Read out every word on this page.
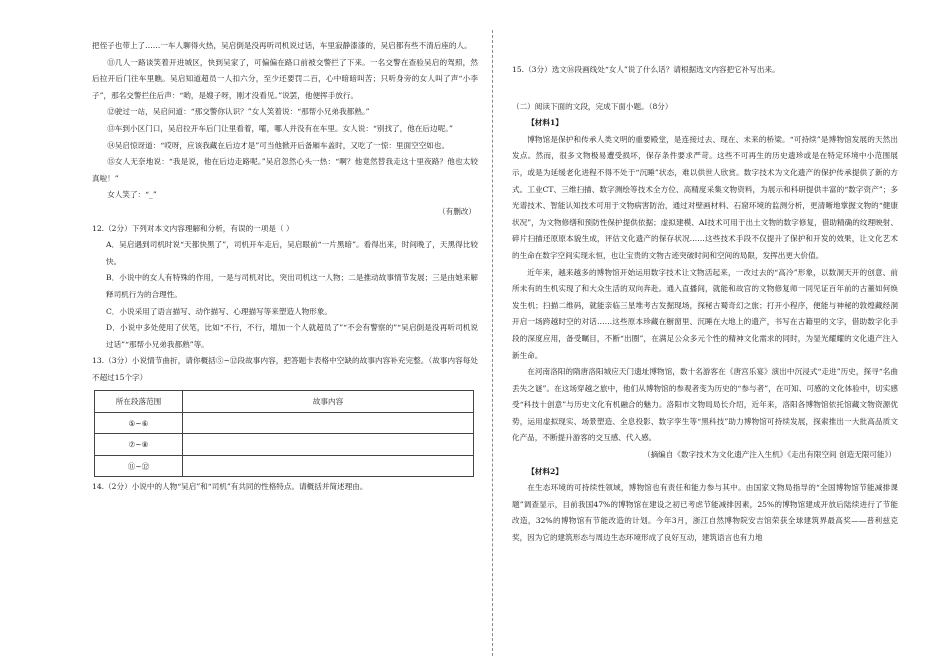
把侄子也带上了……一车人聊得火热，吴启倒是没再听司机说过话，车里寂静漆漆的，吴启都有些不清后座的人。
⑪几人一路谈笑着开进城区，快到吴家了，可偏偏在路口前被交警拦了下来。一名交警在查验吴启的驾照，然后拉开后门往车里瞧。吴启知道超员一人扣六分，至少还要罚二百，心中暗暗叫苦；只听身旁的女人叫了声“小李子”，那名交警拦住后声：“哟，是嫂子呀，刚才没看见。”说罢，他便挥手放行。
⑫驶过一站，吴启问道：“那交警你认识？”女人笑着说：“那帮小兄弟我都熟。”
⑬车到小区门口，吴启拉开车后门让里看着，嚯，哪人并没有在车里。女人说：“别找了，他在后边呢。”
⑭吴启惊讶道：“哎呀，应该我藏在后边才是”可当他掀开后备厢车盖时，又吃了一惊：里面空空如也。
⑮女人无奈地说：“我是说，他在后边走路呢。”吴启忽然心头一热：“啊？他竟然替我走这十里夜路？他也太较真啦！”
女人笑了：“_”
（有删改）
12.（2分）下列对本文内容理解和分析，有误的一项是（ ）
A．吴启遇到司机时说“天都快黑了”，司机开车走后，吴启眼前“一片黑暗”。看得出来，时间晚了，天黑得比较快。
B．小说中的女人有特殊的作用，一是与司机对比，突出司机这一人物；二是推动故事情节发展；三是由她来解释司机行为的合理性。
C．小说采用了语言描写、动作描写、心理描写等来塑造人物形象。
D．小说中多处使用了伏笔，比如“不行，不行，增加一个人就超员了”“不会有警察的”“吴启倒是没再听司机说过话”“那帮小兄弟我都熟”等。
13.（3分）小说情节曲折，请你概括⑤~⑫段故事内容，把答题卡表格中空缺的故事内容补充完整。（故事内容每处不超过15个字）
所在段落范围	故事内容
⑤~⑥	
⑦~⑧	
⑪~⑫	
14.（2分）小说中的人物“吴启”和“司机”有共同的性格特点。请概括并简述理由。
15.（3分）选文⑯段画线处“女人”说了什么话？请根据选文内容把它补写出来。
（二）阅读下面的文段，完成下面小题。（8分）
【材料1】
博物馆是保护和传承人类文明的重要殿堂，是连接过去、现在、未来的桥梁。“可持续”是博物馆发展的天然出发点。然而，很多文物极易遭受损坏，保存条件要求严苛。这些不可再生的历史遗珍或是在特定环境中小范围展示，或是为延缓老化进程不得不处于“沉睡”状态，难以供世人欣赏。数字技术为文化遗产的保护传承提供了新的方式。工业CT、三维扫描、数字测绘等技术全方位、高精度采集文物资料，为展示和科研提供丰富的“数字资产”；多光谱技术、智能认知技术可用于文物病害防治，通过对壁画材料、石窟环境的监测分析，更清晰地掌握文物的“健康状况”，为文物修缮和预防性保护提供依据；虚拟建模、AI技术可用于出土文物的数字修复，借助精确的纹理映射、碎片扫描还原原本貌生成，评估文化遗产的保存状况……这些技术手段不仅提升了保护和开发的效果，让文化艺术的生命在数字空间实现永恒，也让宝贵的文物古迹突破时间和空间的局限，发挥出更大价值。
近年来，越来越多的博物馆开始运用数字技术让文物活起来，一改过去的“高冷”形象，以数洞天开的创意、前所未有的生机实现了和大众生活的双向奔赴。通入直播间，就能和故宫的文物修复师一同见证百年前的古董如何焕发生机；扫描二维码，就能亲临三星堆考古发掘现场，探秘古蜀奇幻之旅；打开小程序，便能与神秘的敦煌藏经洞开启一场跨越时空的对话……这些原本珍藏在橱窗里、沉睡在大地上的遗产，书写在古籍里的文字，借助数字化手段的深度应用，备受瞩目，不断“出圈”，在满足公众多元个性的精神文化需求的同时，为显光耀耀的文化遗产注入新生命。
在河南洛阳的隋唐洛阳城应天门遗址博物馆，数十名游客在《唐宫乐宴》演出中沉浸式“走进”历史，探寻“名曲丢失之谜”。在这场穿越之旅中，他们从博物馆的参观者变为历史的“参与者”，在可知、可感的文化体验中，切实感受“科技十创意”与历史文化有机融合的魅力。洛阳市文物局局长介绍，近年来，洛阳各博物馆依托馆藏文物资源优势，运用虚拟现实、场景塑造、全息投影、数字孪生等“黑科技”助力博物馆可持续发展，探索推出一大批高品质文化产品，不断提升游客的交互感、代入感。
（摘编自《数字技术为文化遗产注入生机》《走出有限空间 创造无限可能》）
【材料2】
在生态环境的可持续性领域，博物馆也有责任和能力参与其中。由国家文物局指导的“全国博物馆节能减排课题”调查显示，目前我国47%的博物馆在建设之初已考虑节能减排因素，25%的博物馆建成开放后陆续进行了节能改造，32%的博物馆有节能改造的计划。今年3月，浙江自然博物院安吉馆荣获全球建筑界最高奖——普利兹克奖，因为它的建筑形态与周边生态环境形成了良好互动，建筑语言也有力地
